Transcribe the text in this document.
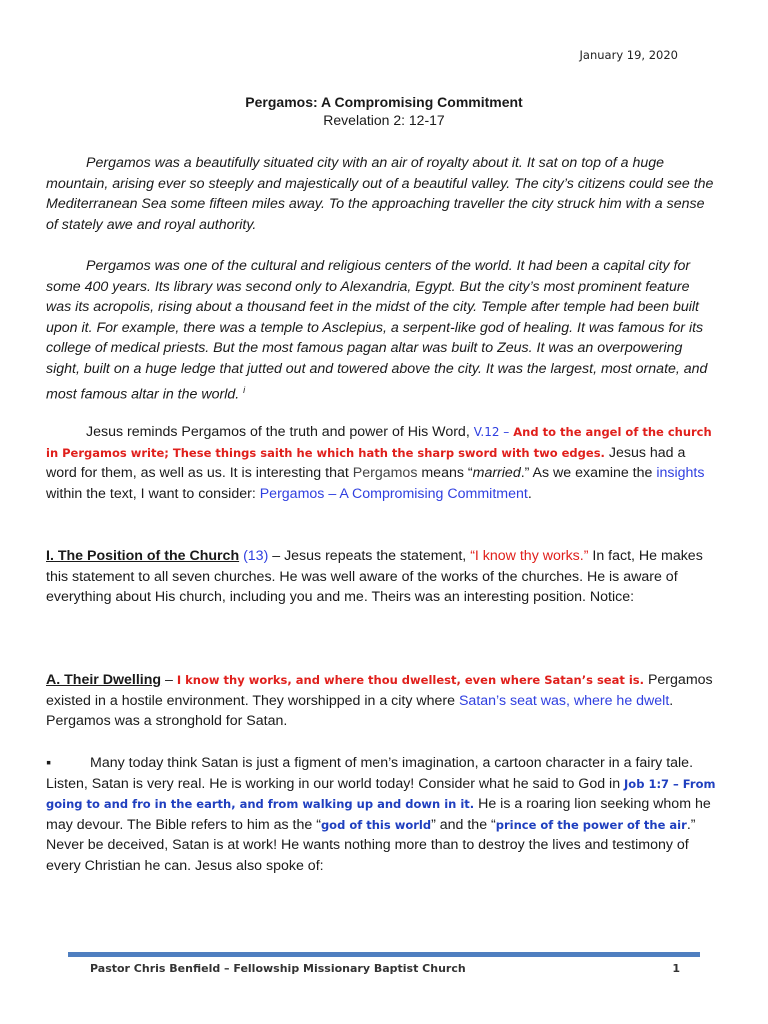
January 19, 2020
Pergamos: A Compromising Commitment
Revelation 2: 12-17

Pergamos was a beautifully situated city with an air of royalty about it. It sat on top of a huge mountain, arising ever so steeply and majestically out of a beautiful valley. The city’s citizens could see the Mediterranean Sea some fifteen miles away. To the approaching traveller the city struck him with a sense of stately awe and royal authority.

Pergamos was one of the cultural and religious centers of the world. It had been a capital city for some 400 years. Its library was second only to Alexandria, Egypt. But the city’s most prominent feature was its acropolis, rising about a thousand feet in the midst of the city. Temple after temple had been built upon it. For example, there was a temple to Asclepius, a serpent-like god of healing. It was famous for its college of medical priests. But the most famous pagan altar was built to Zeus. It was an overpowering sight, built on a huge ledge that jutted out and towered above the city. It was the largest, most ornate, and most famous altar in the world. $^i$

Jesus reminds Pergamos of the truth and power of His Word, V.12 – And to the angel of the church in Pergamos write; These things saith he which hath the sharp sword with two edges. Jesus had a word for them, as well as us. It is interesting that Pergamos means “married.” As we examine the insights within the text, I want to consider: Pergamos – A Compromising Commitment.

I. The Position of the Church (13) – Jesus repeats the statement, “I know thy works.” In fact, He makes this statement to all seven churches. He was well aware of the works of the churches. He is aware of everything about His church, including you and me. Theirs was an interesting position. Notice:

A. Their Dwelling – I know thy works, and where thou dwellest, even where Satan’s seat is. Pergamos existed in a hostile environment. They worshipped in a city where Satan’s seat was, where he dwelt. Pergamos was a stronghold for Satan.

▪	Many today think Satan is just a figment of men’s imagination, a cartoon character in a fairy tale. Listen, Satan is very real. He is working in our world today! Consider what he said to God in Job 1:7 – From going to and fro in the earth, and from walking up and down in it. He is a roaring lion seeking whom he may devour. The Bible refers to him as the “god of this world” and the “prince of the power of the air.” Never be deceived, Satan is at work! He wants nothing more than to destroy the lives and testimony of every Christian he can. Jesus also spoke of:

Pastor Chris Benfield – Fellowship Missionary Baptist Church	1
